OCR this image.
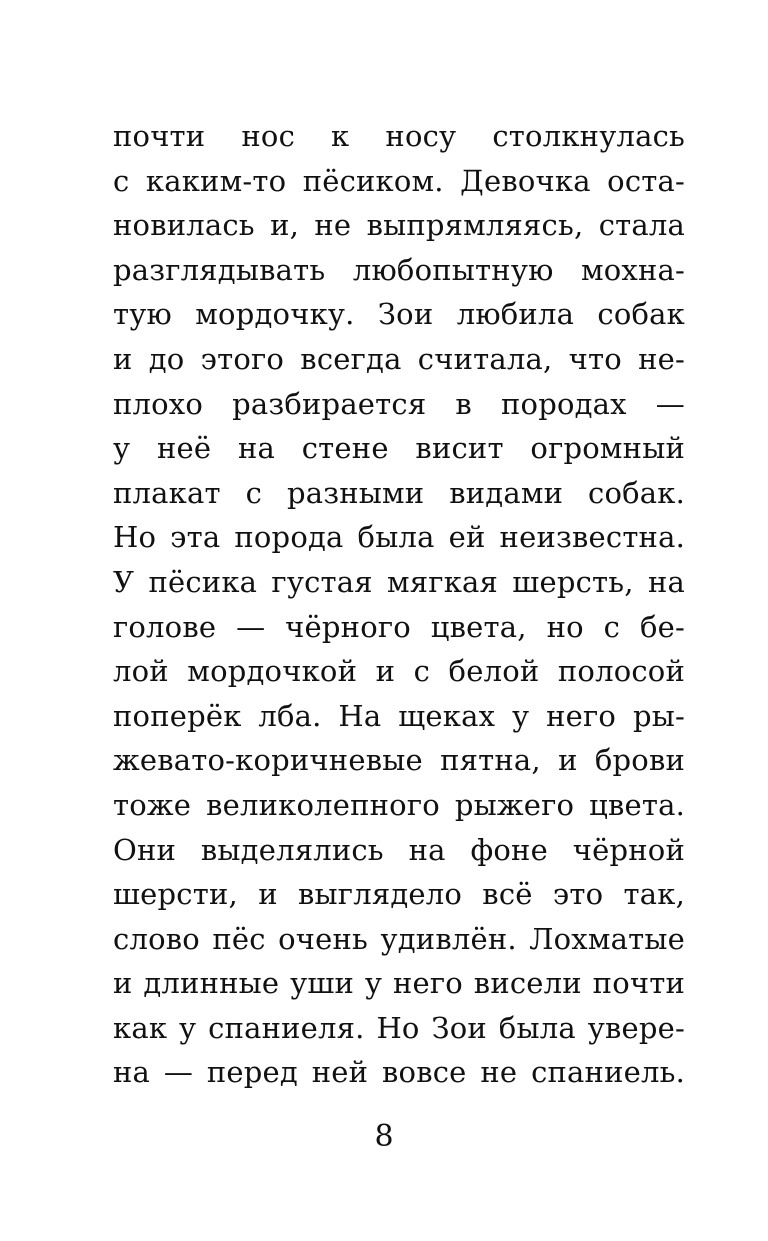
почти нос к носу столкнулась
с каким-то пёсиком. Девочка оста-
новилась и, не выпрямляясь, стала
разглядывать любопытную мохна-
тую мордочку. Зои любила собак
и до этого всегда считала, что не-
плохо разбирается в породах —
у неё на стене висит огромный
плакат с разными видами собак.
Но эта порода была ей неизвестна.
У пёсика густая мягкая шерсть, на
голове — чёрного цвета, но с бе-
лой мордочкой и с белой полосой
поперёк лба. На щеках у него ры-
жевато-коричневые пятна, и брови
тоже великолепного рыжего цвета.
Они выделялись на фоне чёрной
шерсти, и выглядело всё это так,
слово пёс очень удивлён. Лохматые
и длинные уши у него висели почти
как у спаниеля. Но Зои была увере-
на — перед ней вовсе не спаниель.
8
